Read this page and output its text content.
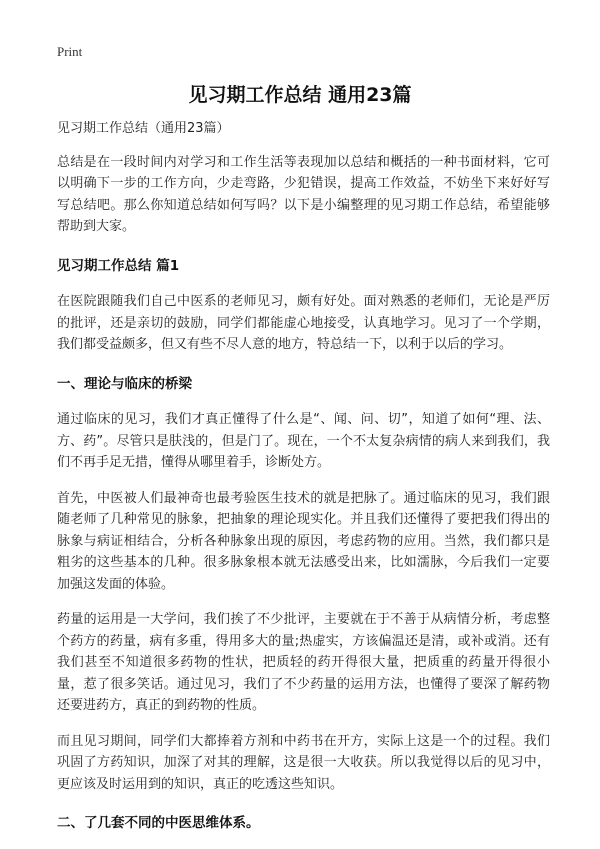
Print
见习期工作总结 通用23篇

见习期工作总结（通用23篇）

总结是在一段时间内对学习和工作生活等表现加以总结和概括的一种书面材料，它可以明确下一步的工作方向，少走弯路，少犯错误，提高工作效益，不妨坐下来好好写写总结吧。那么你知道总结如何写吗？以下是小编整理的见习期工作总结，希望能够帮助到大家。

见习期工作总结 篇1

在医院跟随我们自己中医系的老师见习，颇有好处。面对熟悉的老师们，无论是严厉的批评，还是亲切的鼓励，同学们都能虚心地接受，认真地学习。见习了一个学期，我们都受益颇多，但又有些不尽人意的地方，特总结一下，以利于以后的学习。

一、理论与临床的桥梁

通过临床的见习，我们才真正懂得了什么是“、闻、问、切”，知道了如何“理、法、方、药”。尽管只是肤浅的，但是门了。现在，一个不太复杂病情的病人来到我们，我们不再手足无措，懂得从哪里着手，诊断处方。

首先，中医被人们最神奇也最考验医生技术的就是把脉了。通过临床的见习，我们跟随老师了几种常见的脉象，把抽象的理论现实化。并且我们还懂得了要把我们得出的脉象与病证相结合，分析各种脉象出现的原因，考虑药物的应用。当然，我们都只是粗劣的这些基本的几种。很多脉象根本就无法感受出来，比如濡脉，今后我们一定要加强这发面的体验。

药量的运用是一大学问，我们挨了不少批评，主要就在于不善于从病情分析，考虑整个药方的药量，病有多重，得用多大的量;热虚实，方该偏温还是清，或补或消。还有我们甚至不知道很多药物的性状，把质轻的药开得很大量，把质重的药量开得很小量，惹了很多笑话。通过见习，我们了不少药量的运用方法，也懂得了要深了解药物还要进药方，真正的到药物的性质。

而且见习期间，同学们大都捧着方剂和中药书在开方，实际上这是一个的过程。我们巩固了方药知识，加深了对其的理解，这是很一大收获。所以我觉得以后的见习中，更应该及时运用到的知识，真正的吃透这些知识。

二、了几套不同的中医思维体系。
